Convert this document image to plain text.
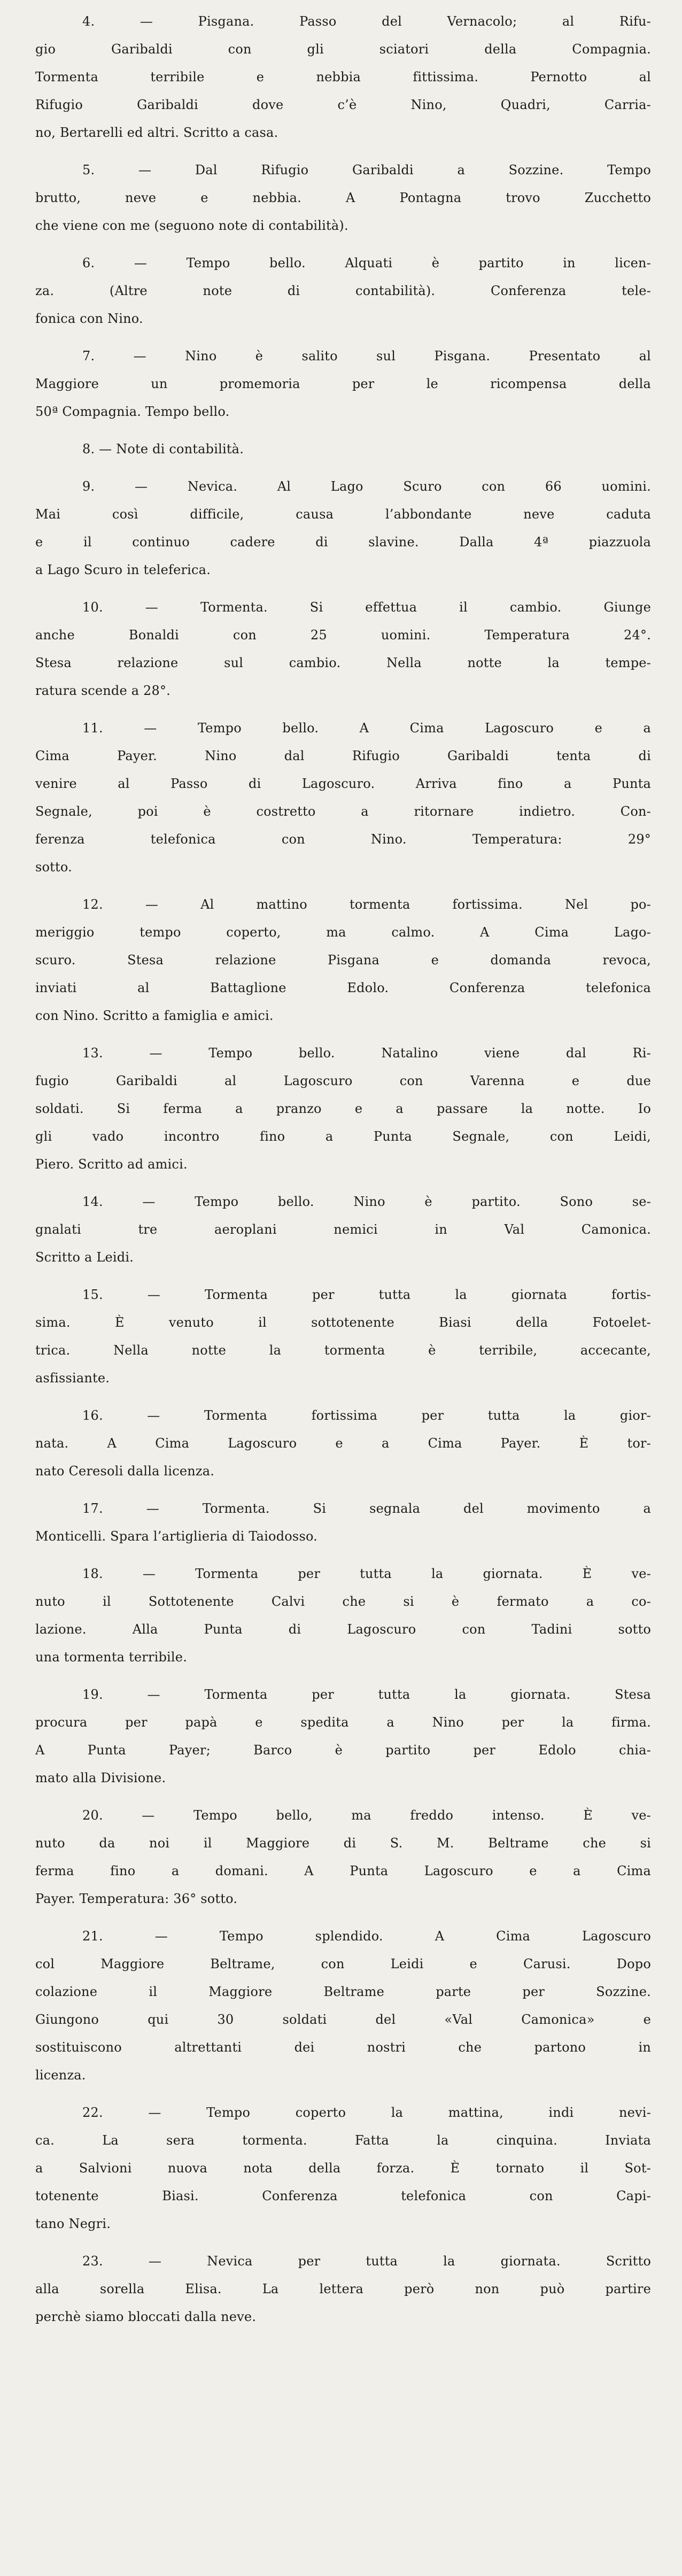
4. — Pisgana. Passo del Vernacolo; al Rifu-
gio Garibaldi con gli sciatori della Compagnia.
Tormenta terribile e nebbia fittissima. Pernotto al
Rifugio Garibaldi dove c’è Nino, Quadri, Carria-
no, Bertarelli ed altri. Scritto a casa.

5. — Dal Rifugio Garibaldi a Sozzine. Tempo
brutto, neve e nebbia. A Pontagna trovo Zucchetto
che viene con me (seguono note di contabilità).

6. — Tempo bello. Alquati è partito in licen-
za. (Altre note di contabilità). Conferenza tele-
fonica con Nino.

7. — Nino è salito sul Pisgana. Presentato al
Maggiore un promemoria per le ricompensa della
50ª Compagnia. Tempo bello.

8. — Note di contabilità.

9. — Nevica. Al Lago Scuro con 66 uomini.
Mai così difficile, causa l’abbondante neve caduta
e il continuo cadere di slavine. Dalla 4ª piazzuola
a Lago Scuro in teleferica.

10. — Tormenta. Si effettua il cambio. Giunge
anche Bonaldi con 25 uomini. Temperatura 24°.
Stesa relazione sul cambio. Nella notte la tempe-
ratura scende a 28°.

11. — Tempo bello. A Cima Lagoscuro e a
Cima Payer. Nino dal Rifugio Garibaldi tenta di
venire al Passo di Lagoscuro. Arriva fino a Punta
Segnale, poi è costretto a ritornare indietro. Con-
ferenza telefonica con Nino. Temperatura: 29°
sotto.

12. — Al mattino tormenta fortissima. Nel po-
meriggio tempo coperto, ma calmo. A Cima Lago-
scuro. Stesa relazione Pisgana e domanda revoca,
inviati al Battaglione Edolo. Conferenza telefonica
con Nino. Scritto a famiglia e amici.

13. — Tempo bello. Natalino viene dal Ri-
fugio Garibaldi al Lagoscuro con Varenna e due
soldati. Si ferma a pranzo e a passare la notte. Io
gli vado incontro fino a Punta Segnale, con Leidi,
Piero. Scritto ad amici.

14. — Tempo bello. Nino è partito. Sono se-
gnalati tre aeroplani nemici in Val Camonica.
Scritto a Leidi.

15. — Tormenta per tutta la giornata fortis-
sima. È venuto il sottotenente Biasi della Fotoelet-
trica. Nella notte la tormenta è terribile, accecante,
asfissiante.

16. — Tormenta fortissima per tutta la gior-
nata. A Cima Lagoscuro e a Cima Payer. È tor-
nato Ceresoli dalla licenza.

17. — Tormenta. Si segnala del movimento a
Monticelli. Spara l’artiglieria di Taiodosso.

18. — Tormenta per tutta la giornata. È ve-
nuto il Sottotenente Calvi che si è fermato a co-
lazione. Alla Punta di Lagoscuro con Tadini sotto
una tormenta terribile.

19. — Tormenta per tutta la giornata. Stesa
procura per papà e spedita a Nino per la firma.
A Punta Payer; Barco è partito per Edolo chia-
mato alla Divisione.

20. — Tempo bello, ma freddo intenso. È ve-
nuto da noi il Maggiore di S. M. Beltrame che si
ferma fino a domani. A Punta Lagoscuro e a Cima
Payer. Temperatura: 36° sotto.

21. — Tempo splendido. A Cima Lagoscuro
col Maggiore Beltrame, con Leidi e Carusi. Dopo
colazione il Maggiore Beltrame parte per Sozzine.
Giungono qui 30 soldati del «Val Camonica» e
sostituiscono altrettanti dei nostri che partono in
licenza.

22. — Tempo coperto la mattina, indi nevi-
ca. La sera tormenta. Fatta la cinquina. Inviata
a Salvioni nuova nota della forza. È tornato il Sot-
totenente Biasi. Conferenza telefonica con Capi-
tano Negri.

23. — Nevica per tutta la giornata. Scritto
alla sorella Elisa. La lettera però non può partire
perchè siamo bloccati dalla neve.
